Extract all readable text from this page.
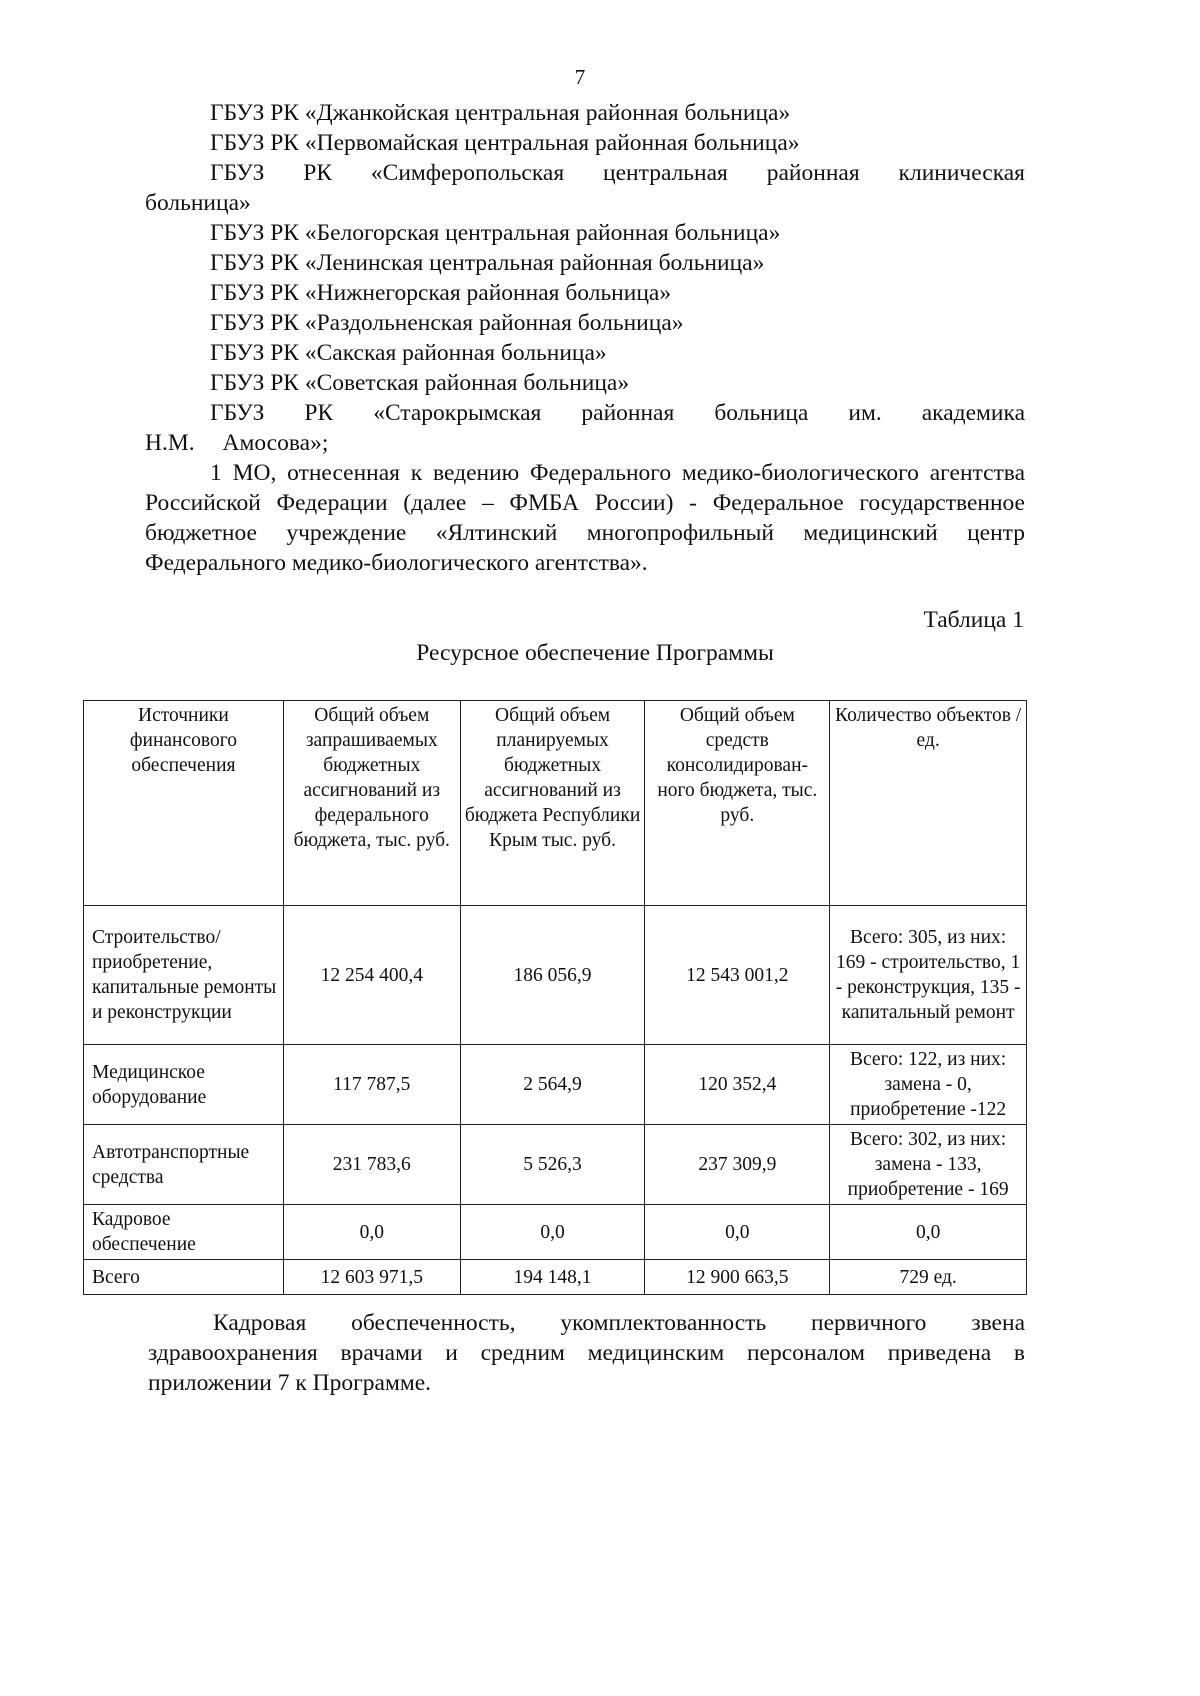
7
ГБУЗ РК «Джанкойская центральная районная больница»
ГБУЗ РК «Первомайская центральная районная больница»
ГБУЗ РК «Симферопольская центральная районная клиническая больница»
ГБУЗ РК «Белогорская центральная районная больница»
ГБУЗ РК «Ленинская центральная районная больница»
ГБУЗ РК «Нижнегорская районная больница»
ГБУЗ РК «Раздольненская районная больница»
ГБУЗ РК «Сакская районная больница»
ГБУЗ РК «Советская районная больница»
ГБУЗ РК «Старокрымская районная больница им. академика Н.М. Амосова»;
1 МО, отнесенная к ведению Федерального медико-биологического агентства Российской Федерации (далее – ФМБА России) - Федеральное государственное бюджетное учреждение «Ялтинский многопрофильный медицинский центр Федерального медико-биологического агентства».
Таблица 1
Ресурсное обеспечение Программы
Источники финансового обеспечения	Общий объем запрашиваемых бюджетных ассигнований из федерального бюджета, тыс. руб.	Общий объем планируемых бюджетных ассигнований из бюджета Республики Крым тыс. руб.	Общий объем средств консолидирован-ного бюджета, тыс. руб.	Количество объектов / ед.
Строительство/ приобретение, капитальные ремонты и реконструкции	12 254 400,4	186 056,9	12 543 001,2	Всего: 305, из них: 169 - строительство, 1 - реконструкция, 135 - капитальный ремонт
Медицинское оборудование	117 787,5	2 564,9	120 352,4	Всего: 122, из них: замена - 0, приобретение -122
Автотранспортные средства	231 783,6	5 526,3	237 309,9	Всего: 302, из них: замена - 133, приобретение - 169
Кадровое обеспечение	0,0	0,0	0,0	0,0
Всего	12 603 971,5	194 148,1	12 900 663,5	729 ед.
Кадровая обеспеченность, укомплектованность первичного звена здравоохранения врачами и средним медицинским персоналом приведена в приложении 7 к Программе.
